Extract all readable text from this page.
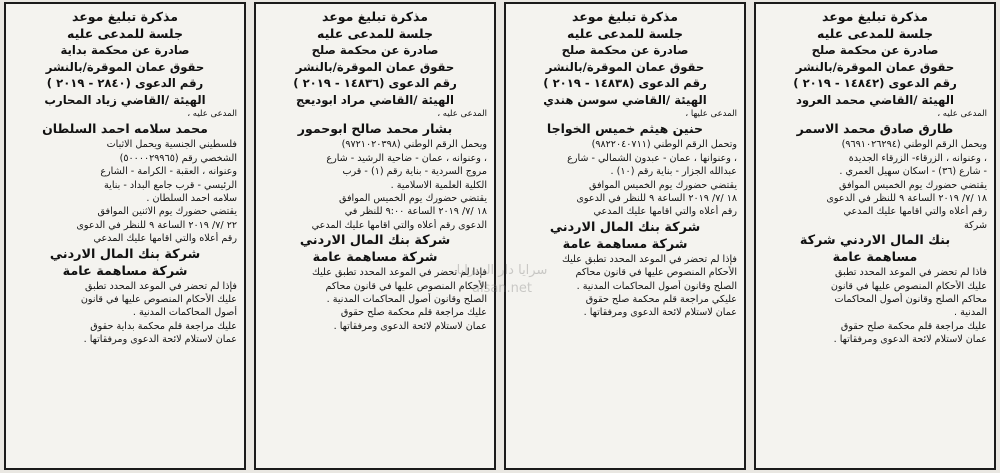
مذكرة تبليغ موعد
جلسة للمدعى عليه
صادرة عن محكمة صلح
حقوق عمان الموقرة/بالنشر
رقم الدعوى (١٤٨٤٢ - ٢٠١٩ )
الهيئة /القاضي محمد العرود
المدعى عليه ،
طارق صادق محمد الاسمر
ويحمل الرقم الوطني (٩٦٩١٠٢٦٢٩٤)
، وعنوانه ، الزرقاء- الزرقاء الجديدة
- شارع (٣٦) - اسكان سهيل العمري .
يقتضي حضورك يوم الخميس الموافق
١٨ /٧/ ٢٠١٩ الساعة ٩ للنظر في الدعوى
رقم أعلاه والتي اقامها عليك المدعي
شركة
بنك المال الاردني شركة
مساهمة عامة
فاذا لم تحضر في الموعد المحدد تطبق
عليك الأحكام المنصوص عليها في قانون
محاكم الصلح وقانون أصول المحاكمات
المدنية .
عليك مراجعة قلم محكمة صلح حقوق
عمان لاستلام لائحة الدعوى ومرفقاتها .
مذكرة تبليغ موعد
جلسة للمدعى عليه
صادرة عن محكمة صلح
حقوق عمان الموقرة/بالنشر
رقم الدعوى (١٤٨٣٨ - ٢٠١٩ )
الهيئة /القاضي سوسن هندي
المدعى عليها ،
حنين هيثم خميس الخواجا
وتحمل الرقم الوطني (٩٨٢٢٠٤٠٧١١)
، وعنوانها ، عمان - عبدون الشمالي - شارع
عبدالله الجزار - بناية رقم (١٠) .
يقتضي حضورك يوم الخميس الموافق
١٨ /٧/ ٢٠١٩ الساعة ٩ للنظر في الدعوى
رقم أعلاه والتي اقامها عليك المدعي
شركة بنك المال الاردني
شركة مساهمة عامة
فإذا لم تحضر في الموعد المحدد تطبق عليك
الأحكام المنصوص عليها في قانون محاكم
الصلح وقانون أصول المحاكمات المدنية .
عليكي مراجعة قلم محكمة صلح حقوق
عمان لاستلام لائحة الدعوى ومرفقاتها .
مذكرة تبليغ موعد
جلسة للمدعى عليه
صادرة عن محكمة صلح
حقوق عمان الموقرة/بالنشر
رقم الدعوى (١٤٨٣٦ - ٢٠١٩ )
الهيئة /القاضي مراد ابوديعج
المدعى عليه ،
بشار محمد صالح ابوحمور
ويحمل الرقم الوطني (٩٧٢١٠٢٠٣٩٨)
، وعنوانه ، عمان - ضاحية الرشيد - شارع
مروج السردية - بناية رقم (١) - قرب
الكلية العلمية الاسلامية .
يقتضي حضورك يوم الخميس الموافق
١٨ /٧/ ٢٠١٩ الساعة ٩:٠٠ للنظر في
الدعوى رقم أعلاه والتي اقامها عليك المدعي
شركة بنك المال الاردني
شركة مساهمة عامة
فإذا لم تحضر في الموعد المحدد تطبق عليك
الأحكام المنصوص عليها في قانون محاكم
الصلح وقانون أصول المحاكمات المدنية .
عليك مراجعة قلم محكمة صلح حقوق
عمان لاستلام لائحة الدعوى ومرفقاتها .
مذكرة تبليغ موعد
جلسة للمدعى عليه
صادرة عن محكمة بداية
حقوق عمان الموقرة/بالنشر
رقم الدعوى (٢٨٤٠ - ٢٠١٩ )
الهيئة /القاضي زياد المحارب
المدعى عليه ،
محمد سلامه احمد السلطان
فلسطيني الجنسية ويحمل الاثبات
الشخصي رقم (٥٠٠٠٠٢٩٩٦٥)
وعنوانه ، العقبة - الكرامة - الشارع
الرئيسي - قرب جامع البداد - بناية
سلامه احمد السلطان .
يقتضي حضورك يوم الاثنين الموافق
٢٢ /٧/ ٢٠١٩ الساعة ٩ للنظر في الدعوى
رقم أعلاه والتي اقامها عليك المدعي
شركة بنك المال الاردني
شركة مساهمة عامة
فإذا لم تحضر في الموعد المحدد تطبق
عليك الأحكام المنصوص عليها في قانون
أصول المحاكمات المدنية .
عليك مراجعة قلم محكمة بداية حقوق
عمان لاستلام لائحة الدعوى ومرفقاتها .
سرايا دار السرايا
alsan.net
